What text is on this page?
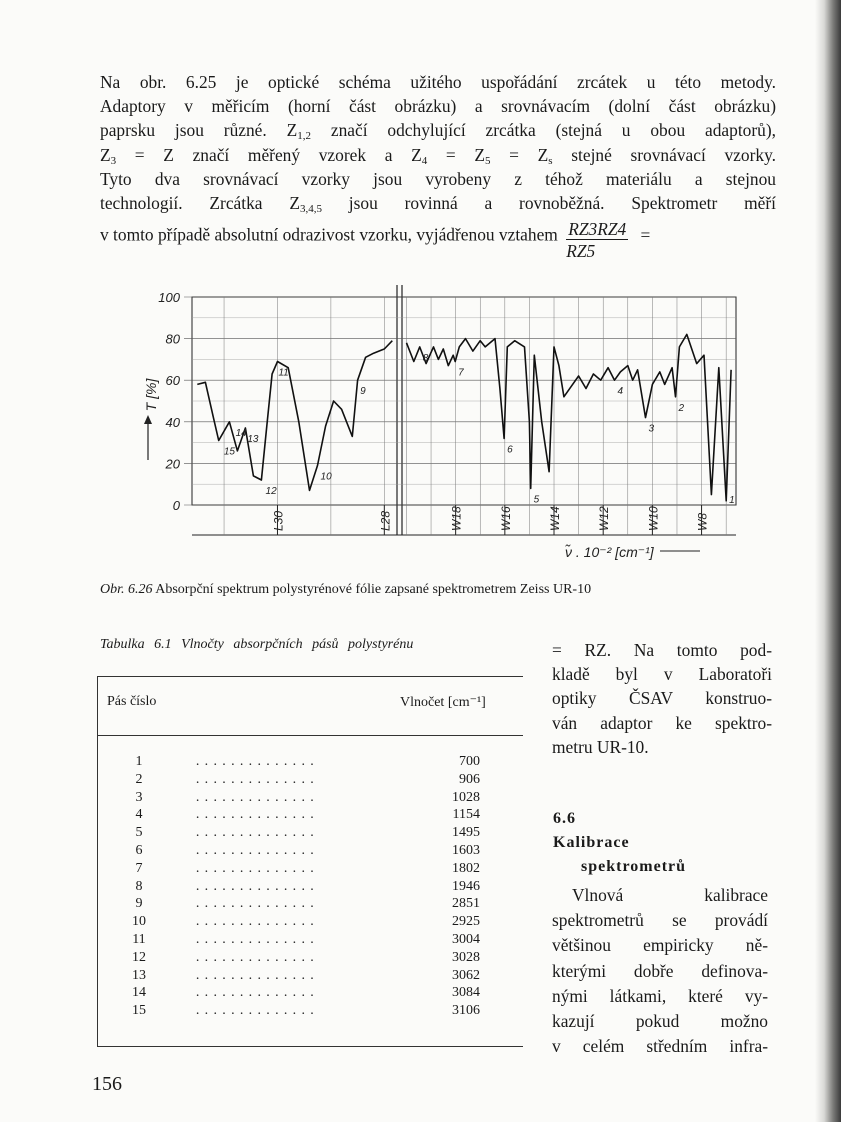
Na obr. 6.25 je optické schéma užitého uspořádání zrcátek u této metody.
Adaptory v měřicím (horní část obrázku) a srovnávacím (dolní část obrázku)
paprsku jsou různé. $Z_{1,2}$ značí odchylující zrcátka (stejná u obou adaptorů),
$Z_3 = Z$ značí měřený vzorek a $Z_4 = Z_5 = Z_s$ stejné srovnávací vzorky.
Tyto dva srovnávací vzorky jsou vyrobeny z téhož materiálu a stejnou
technologií. Zrcátka $Z_{3,4,5}$ jsou rovinná a rovnoběžná. Spektrometr měří
v tomto případě absolutní odrazivost vzorku, vyjádřenou vztahem $\frac{RZ3RZ4}{RZ5}$ =
100
80
60
40
20
0
T [%]
L30	L28	W18	W16	W14	W12	W10	W8
ν̃ . 10⁻² [cm⁻¹]
1
2
3
4
5
6
7
8
9
10
11
12
13
14
15
Obr. 6.26 Absorpční spektrum polystyrénové fólie zapsané spektrometrem Zeiss UR-10
Tabulka 6.1 Vlnočty absorpčních pásů polystyrénu
Pás číslo	Vlnočet [cm⁻¹]
1	..............	700
2	..............	906
3	..............	1028
4	..............	1154
5	..............	1495
6	..............	1603
7	..............	1802
8	..............	1946
9	..............	2851
10	..............	2925
11	..............	3004
12	..............	3028
13	..............	3062
14	..............	3084
15	..............	3106
= RZ. Na tomto pod-
kladě byl v Laboratoři
optiky ČSAV konstruo-
ván adaptor ke spektro-
metru UR-10.
6.6
Kalibrace
spektrometrů
Vlnová kalibrace
spektrometrů se provádí
většinou empiricky ně-
kterými dobře definova-
nými látkami, které vy-
kazují pokud možno
v celém středním infra-
156
